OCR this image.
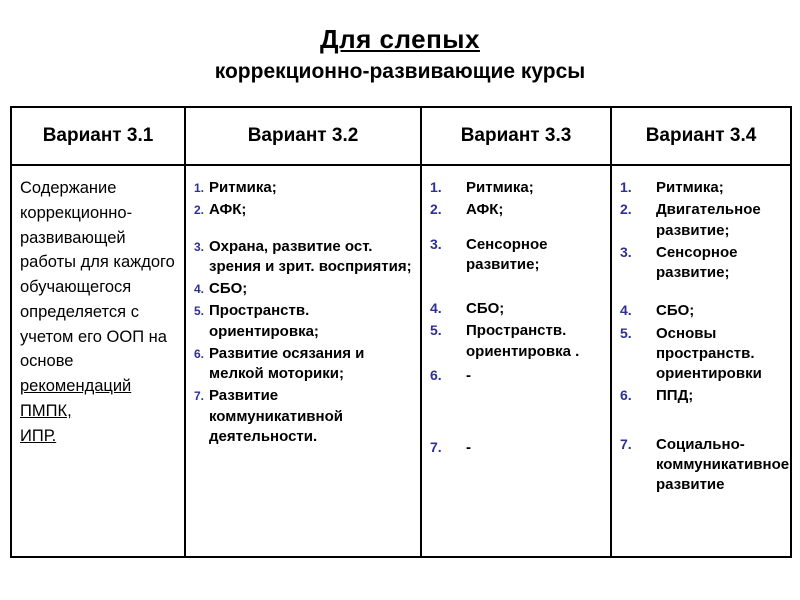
Для слепых
коррекционно-развивающие курсы
Вариант 3.1	Вариант 3.2	Вариант 3.3	Вариант 3.4

Содержание коррекционно-развивающей работы для каждого обучающегося определяется с учетом его ООП на основе
рекомендаций
ПМПК,
ИПР.

1. Ритмика;
2. АФК;
3. Охрана, развитие ост. зрения и зрит. восприятия;
4. СБО;
5. Пространств. ориентировка;
6. Развитие осязания и мелкой моторики;
7. Развитие коммуникативной деятельности.

1.	Ритмика;
2.	АФК;
3.	Сенсорное развитие;
4.	СБО;
5.	Пространств. ориентировка .
6.	-
7.	-

1.	Ритмика;
2.	Двигательное развитие;
3.	Сенсорное развитие;
4.	СБО;
5.	Основы пространств. ориентировки
6.	ППД;
7.	Социально-коммуникативное развитие
